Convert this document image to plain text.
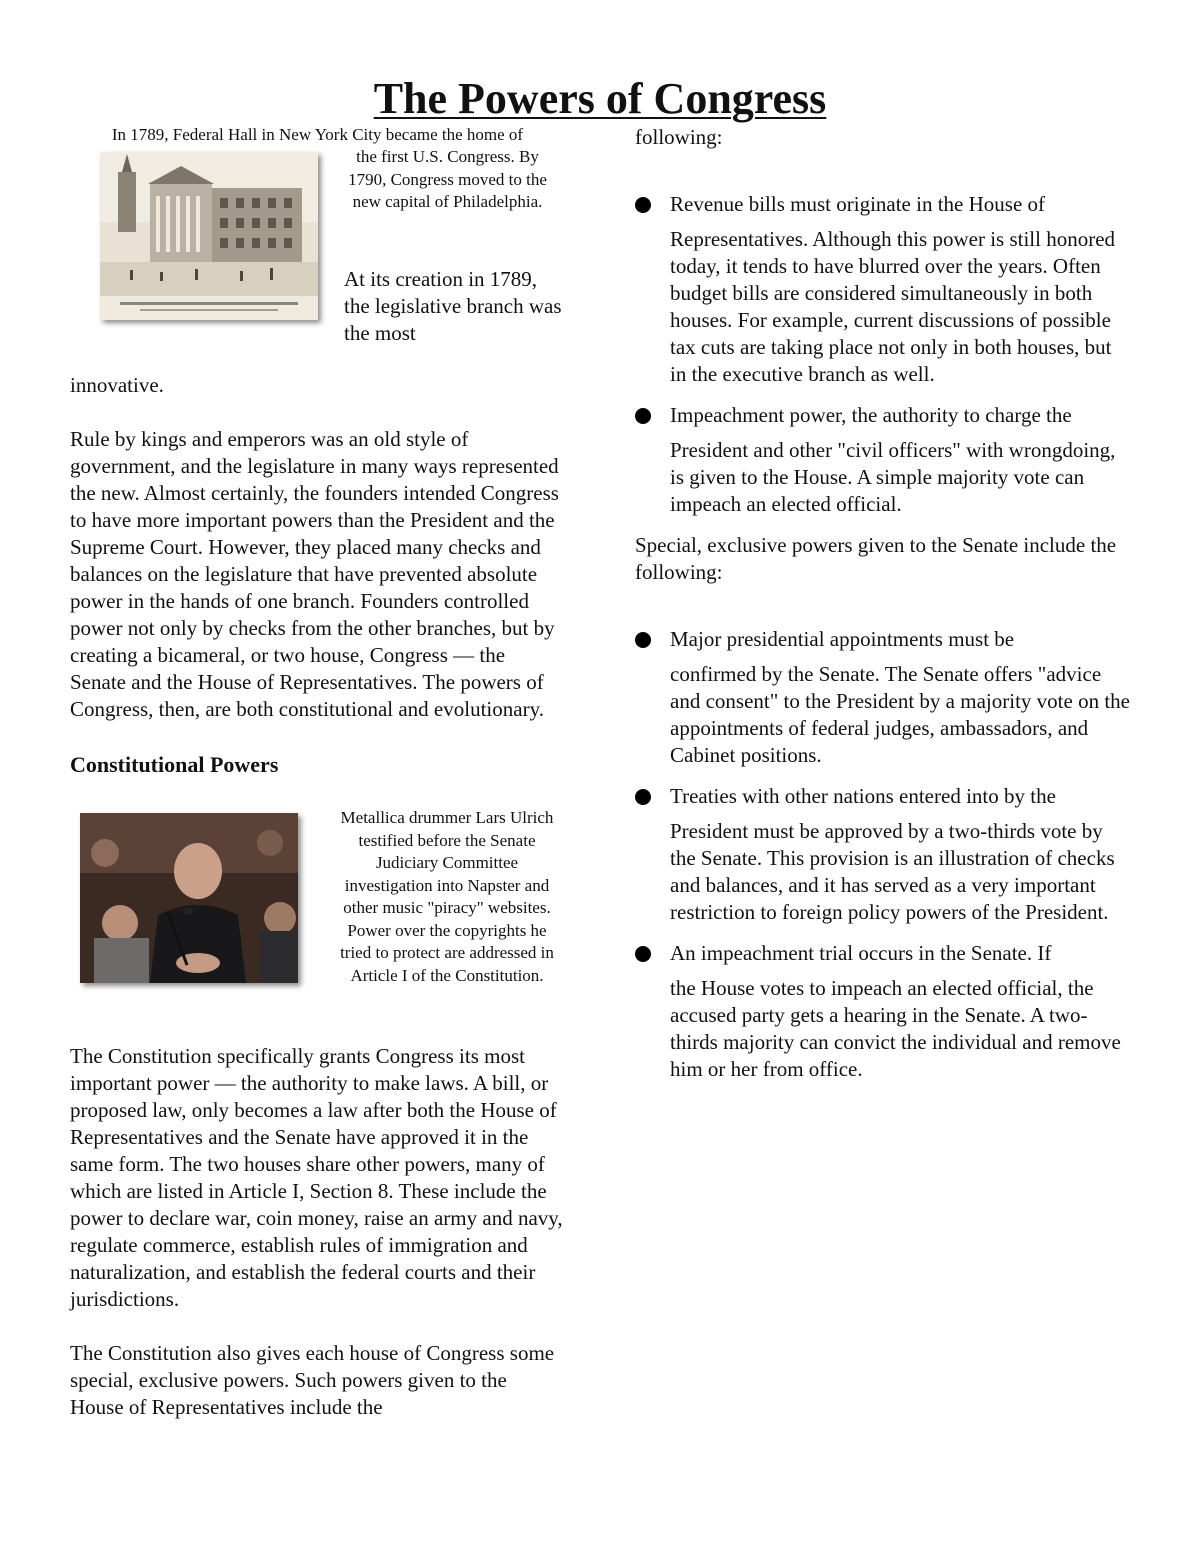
The Powers of Congress
In 1789, Federal Hall in New York City became the home of
the first U.S. Congress. By 1790, Congress moved to the new capital of Philadelphia.
At its creation in 1789, the legislative branch was the most
innovative.

Rule by kings and emperors was an old style of government, and the legislature in many ways represented the new. Almost certainly, the founders intended Congress to have more important powers than the President and the Supreme Court. However, they placed many checks and balances on the legislature that have prevented absolute power in the hands of one branch. Founders controlled power not only by checks from the other branches, but by creating a bicameral, or two house, Congress — the Senate and the House of Representatives. The powers of Congress, then, are both constitutional and evolutionary.

Constitutional Powers
Metallica drummer Lars Ulrich testified before the Senate Judiciary Committee investigation into Napster and other music "piracy" websites. Power over the copyrights he tried to protect are addressed in Article I of the Constitution.

The Constitution specifically grants Congress its most important power — the authority to make laws. A bill, or proposed law, only becomes a law after both the House of Representatives and the Senate have approved it in the same form. The two houses share other powers, many of which are listed in Article I, Section 8. These include the power to declare war, coin money, raise an army and navy, regulate commerce, establish rules of immigration and naturalization, and establish the federal courts and their jurisdictions.

The Constitution also gives each house of Congress some special, exclusive powers. Such powers given to the House of Representatives include the

following:
Revenue bills must originate in the House of
Representatives. Although this power is still honored today, it tends to have blurred over the years. Often budget bills are considered simultaneously in both houses. For example, current discussions of possible tax cuts are taking place not only in both houses, but in the executive branch as well.
Impeachment power, the authority to charge the
President and other "civil officers" with wrongdoing, is given to the House. A simple majority vote can impeach an elected official.

Special, exclusive powers given to the Senate include the following:

Major presidential appointments must be
confirmed by the Senate. The Senate offers "advice and consent" to the President by a majority vote on the appointments of federal judges, ambassadors, and Cabinet positions.
Treaties with other nations entered into by the
President must be approved by a two-thirds vote by the Senate. This provision is an illustration of checks and balances, and it has served as a very important restriction to foreign policy powers of the President.
An impeachment trial occurs in the Senate. If
the House votes to impeach an elected official, the accused party gets a hearing in the Senate. A two-thirds majority can convict the individual and remove him or her from office.
